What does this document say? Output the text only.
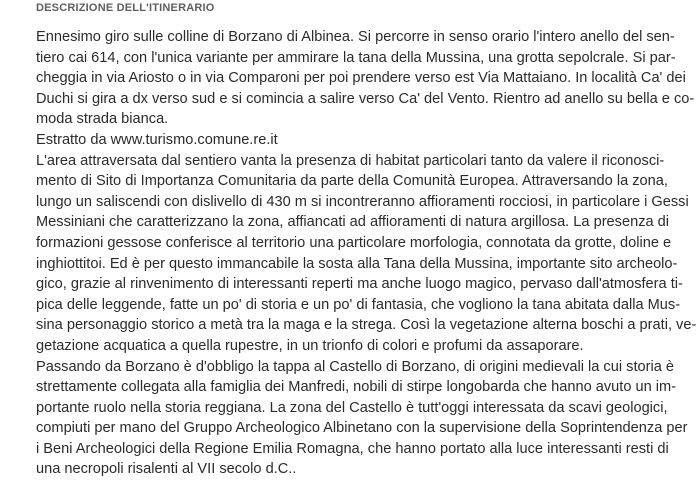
DESCRIZIONE DELL'ITINERARIO
Ennesimo giro sulle colline di Borzano di Albinea. Si percorre in senso orario l'intero anello del sen-
tiero cai 614, con l'unica variante per ammirare la tana della Mussina, una grotta sepolcrale. Si par-
cheggia in via Ariosto o in via Comparoni per poi prendere verso est Via Mattaiano. In località Ca' dei
Duchi si gira a dx verso sud e si comincia a salire verso Ca' del Vento. Rientro ad anello su bella e co-
moda strada bianca.
Estratto da www.turismo.comune.re.it
L'area attraversata dal sentiero vanta la presenza di habitat particolari tanto da valere il riconosci-
mento di Sito di Importanza Comunitaria da parte della Comunità Europea. Attraversando la zona,
lungo un saliscendi con dislivello di 430 m si incontreranno affioramenti rocciosi, in particolare i Gessi
Messiniani che caratterizzano la zona, affiancati ad affioramenti di natura argillosa. La presenza di
formazioni gessose conferisce al territorio una particolare morfologia, connotata da grotte, doline e
inghiottitoi. Ed è per questo immancabile la sosta alla Tana della Mussina, importante sito archeolo-
gico, grazie al rinvenimento di interessanti reperti ma anche luogo magico, pervaso dall'atmosfera ti-
pica delle leggende, fatte un po' di storia e un po' di fantasia, che vogliono la tana abitata dalla Mus-
sina personaggio storico a metà tra la maga e la strega. Così la vegetazione alterna boschi a prati, ve-
getazione acquatica a quella rupestre, in un trionfo di colori e profumi da assaporare.
Passando da Borzano è d'obbligo la tappa al Castello di Borzano, di origini medievali la cui storia è
strettamente collegata alla famiglia dei Manfredi, nobili di stirpe longobarda che hanno avuto un im-
portante ruolo nella storia reggiana. La zona del Castello è tutt'oggi interessata da scavi geologici,
compiuti per mano del Gruppo Archeologico Albinetano con la supervisione della Soprintendenza per
i Beni Archeologici della Regione Emilia Romagna, che hanno portato alla luce interessanti resti di
una necropoli risalenti al VII secolo d.C..
